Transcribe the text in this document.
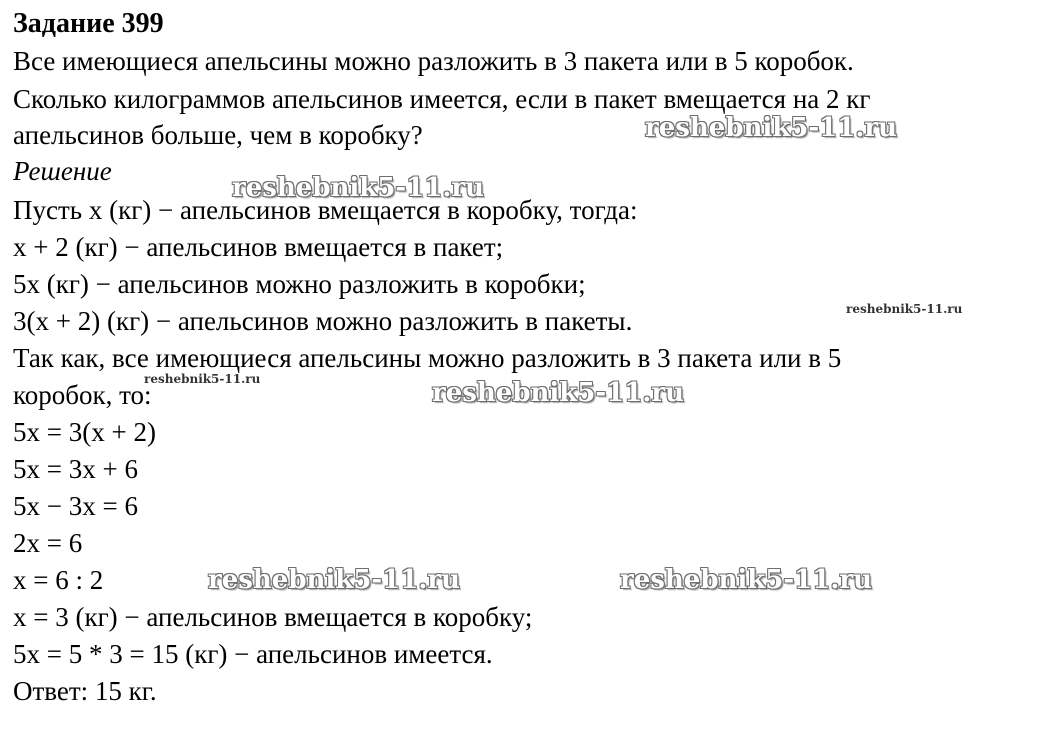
Задание 399
Все имеющиеся апельсины можно разложить в 3 пакета или в 5 коробок.
Сколько килограммов апельсинов имеется, если в пакет вмещается на 2 кг
апельсинов больше, чем в коробку?
Решение
Пусть x (кг) − апельсинов вмещается в коробку, тогда:
x + 2 (кг) − апельсинов вмещается в пакет;
5x (кг) − апельсинов можно разложить в коробки;
3(x + 2) (кг) − апельсинов можно разложить в пакеты.
Так как, все имеющиеся апельсины можно разложить в 3 пакета или в 5
коробок, то:
5x = 3(x + 2)
5x = 3x + 6
5x − 3x = 6
2x = 6
x = 6 : 2
x = 3 (кг) − апельсинов вмещается в коробку;
5x = 5 * 3 = 15 (кг) − апельсинов имеется.
Ответ: 15 кг.
reshebnik5-11.ru
reshebnik5-11.ru
reshebnik5-11.ru
reshebnik5-11.ru	reshebnik5-11.ru
reshebnik5-11.ru	reshebnik5-11.ru
